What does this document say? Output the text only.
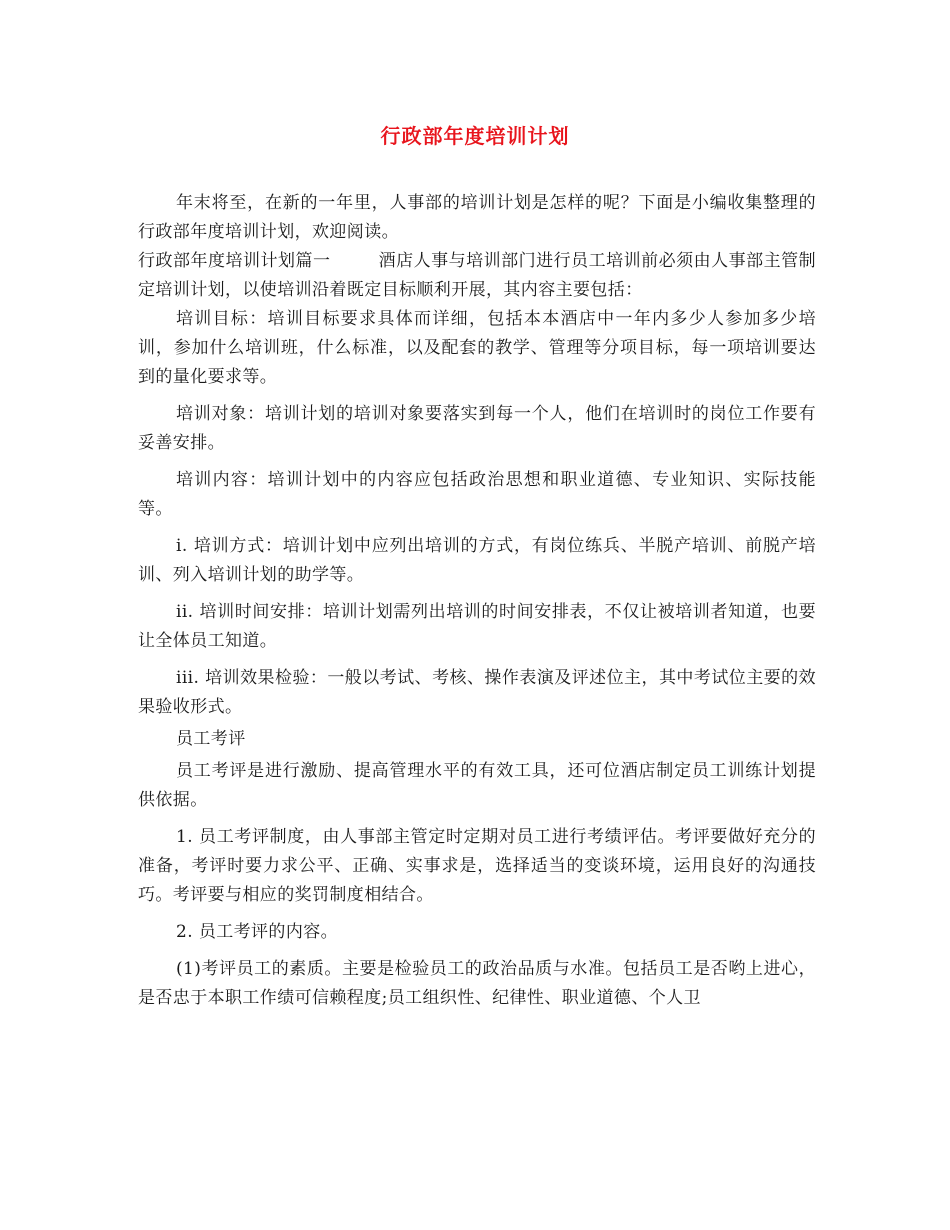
行政部年度培训计划

年末将至，在新的一年里，人事部的培训计划是怎样的呢？下面是小编收集整理的行政部年度培训计划，欢迎阅读。

行政部年度培训计划篇一	酒店人事与培训部门进行员工培训前必须由人事部主管制定培训计划，以使培训沿着既定目标顺利开展，其内容主要包括：

培训目标：培训目标要求具体而详细，包括本本酒店中一年内多少人参加多少培训，参加什么培训班，什么标准，以及配套的教学、管理等分项目标，每一项培训要达到的量化要求等。

培训对象：培训计划的培训对象要落实到每一个人，他们在培训时的岗位工作要有妥善安排。

培训内容：培训计划中的内容应包括政治思想和职业道德、专业知识、实际技能等。

i. 培训方式：培训计划中应列出培训的方式，有岗位练兵、半脱产培训、前脱产培训、列入培训计划的助学等。

ii. 培训时间安排：培训计划需列出培训的时间安排表，不仅让被培训者知道，也要让全体员工知道。

iii. 培训效果检验：一般以考试、考核、操作表演及评述位主，其中考试位主要的效果验收形式。

员工考评

员工考评是进行激励、提高管理水平的有效工具，还可位酒店制定员工训练计划提供依据。

1. 员工考评制度，由人事部主管定时定期对员工进行考绩评估。考评要做好充分的准备，考评时要力求公平、正确、实事求是，选择适当的变谈环境，运用良好的沟通技巧。考评要与相应的奖罚制度相结合。

2. 员工考评的内容。

(1)考评员工的素质。主要是检验员工的政治品质与水准。包括员工是否哟上进心，是否忠于本职工作绩可信赖程度;员工组织性、纪律性、职业道德、个人卫
